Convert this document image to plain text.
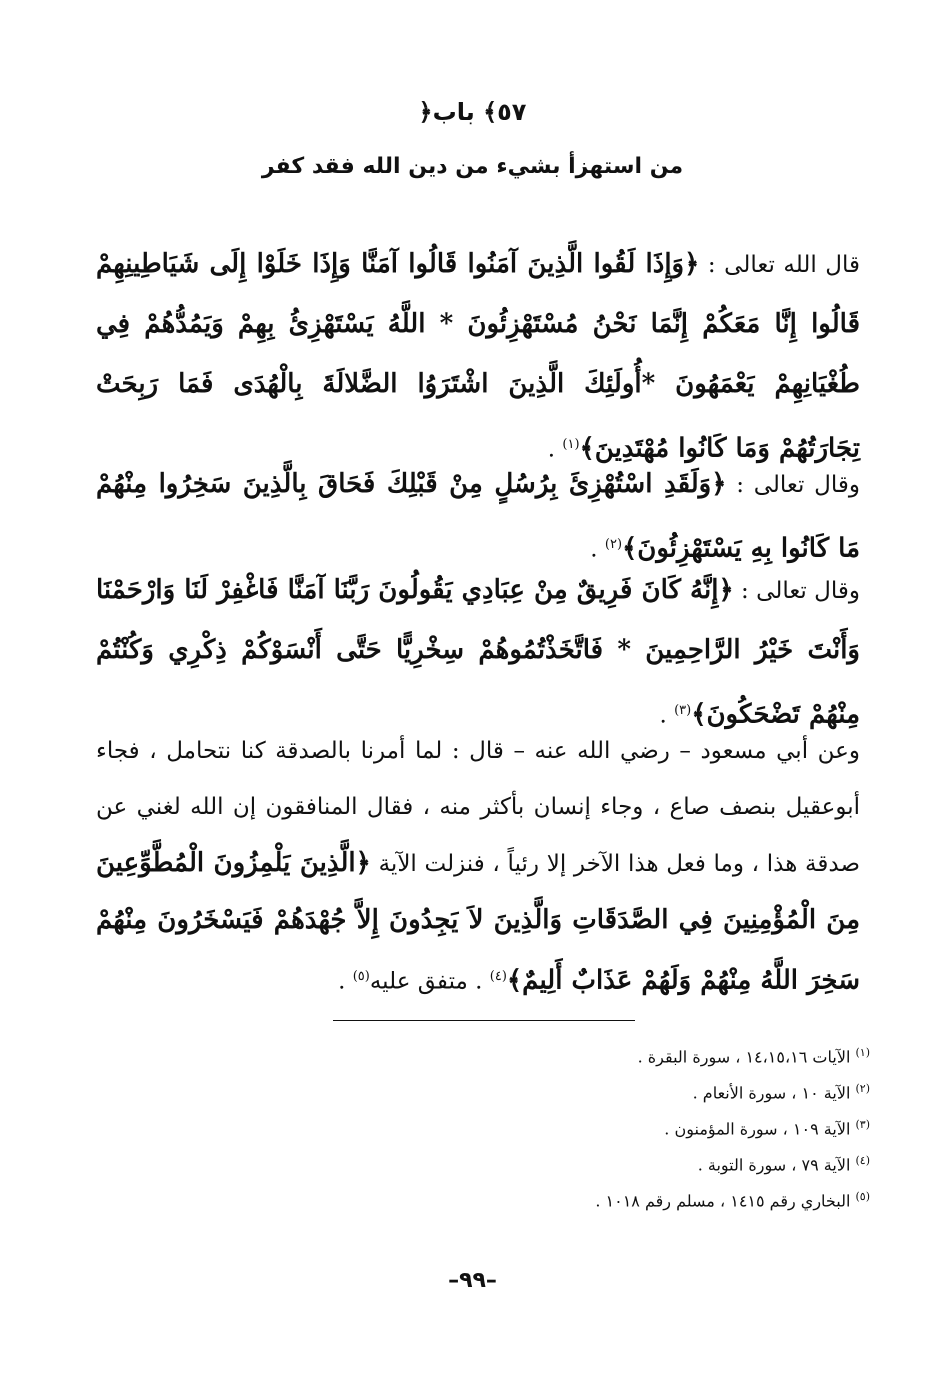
﴿٥٧﴾ باب
من استهزأ بشيء من دين الله فقد كفر

قال الله تعالى : ﴿وَإِذَا لَقُوا الَّذِينَ آمَنُوا قَالُوا آمَنَّا وَإِذَا خَلَوْا إِلَى شَيَاطِينِهِمْ قَالُوا إِنَّا مَعَكُمْ إِنَّمَا نَحْنُ مُسْتَهْزِئُونَ * اللَّهُ يَسْتَهْزِئُ بِهِمْ وَيَمُدُّهُمْ فِي طُغْيَانِهِمْ يَعْمَهُونَ *أُولَئِكَ الَّذِينَ اشْتَرَوُا الضَّلالَةَ بِالْهُدَى فَمَا رَبِحَتْ تِجَارَتُهُمْ وَمَا كَانُوا مُهْتَدِينَ﴾$^{(١)}$ .

وقال تعالى : ﴿وَلَقَدِ اسْتُهْزِئَ بِرُسُلٍ مِنْ قَبْلِكَ فَحَاقَ بِالَّذِينَ سَخِرُوا مِنْهُمْ مَا كَانُوا بِهِ يَسْتَهْزِئُونَ﴾$^{(٢)}$ .

وقال تعالى : ﴿إِنَّهُ كَانَ فَرِيقٌ مِنْ عِبَادِي يَقُولُونَ رَبَّنَا آمَنَّا فَاغْفِرْ لَنَا وَارْحَمْنَا وَأَنْتَ خَيْرُ الرَّاحِمِينَ * فَاتَّخَذْتُمُوهُمْ سِخْرِيًّا حَتَّى أَنْسَوْكُمْ ذِكْرِي وَكُنْتُمْ مِنْهُمْ تَضْحَكُونَ﴾$^{(٣)}$ .

وعن أبي مسعود – رضي الله عنه – قال : لما أمرنا بالصدقة كنا نتحامل ، فجاء أبوعقيل بنصف صاع ، وجاء إنسان بأكثر منه ، فقال المنافقون إن الله لغني عن صدقة هذا ، وما فعل هذا الآخر إلا رئياً ، فنزلت الآية ﴿الَّذِينَ يَلْمِزُونَ الْمُطَّوِّعِينَ مِنَ الْمُؤْمِنِينَ فِي الصَّدَقَاتِ وَالَّذِينَ لاَ يَجِدُونَ إِلاَّ جُهْدَهُمْ فَيَسْخَرُونَ مِنْهُمْ سَخِرَ اللَّهُ مِنْهُمْ وَلَهُمْ عَذَابٌ أَلِيمٌ﴾$^{(٤)}$ . متفق عليه$^{(٥)}$ .

$^{(١)}$ الآيات ١٤،١٥،١٦ ، سورة البقرة .
$^{(٢)}$ الآية ١٠ ، سورة الأنعام .
$^{(٣)}$ الآية ١٠٩ ، سورة المؤمنون .
$^{(٤)}$ الآية ٧٩ ، سورة التوبة .
$^{(٥)}$ البخاري رقم ١٤١٥ ، مسلم رقم ١٠١٨ .
–٩٩–
